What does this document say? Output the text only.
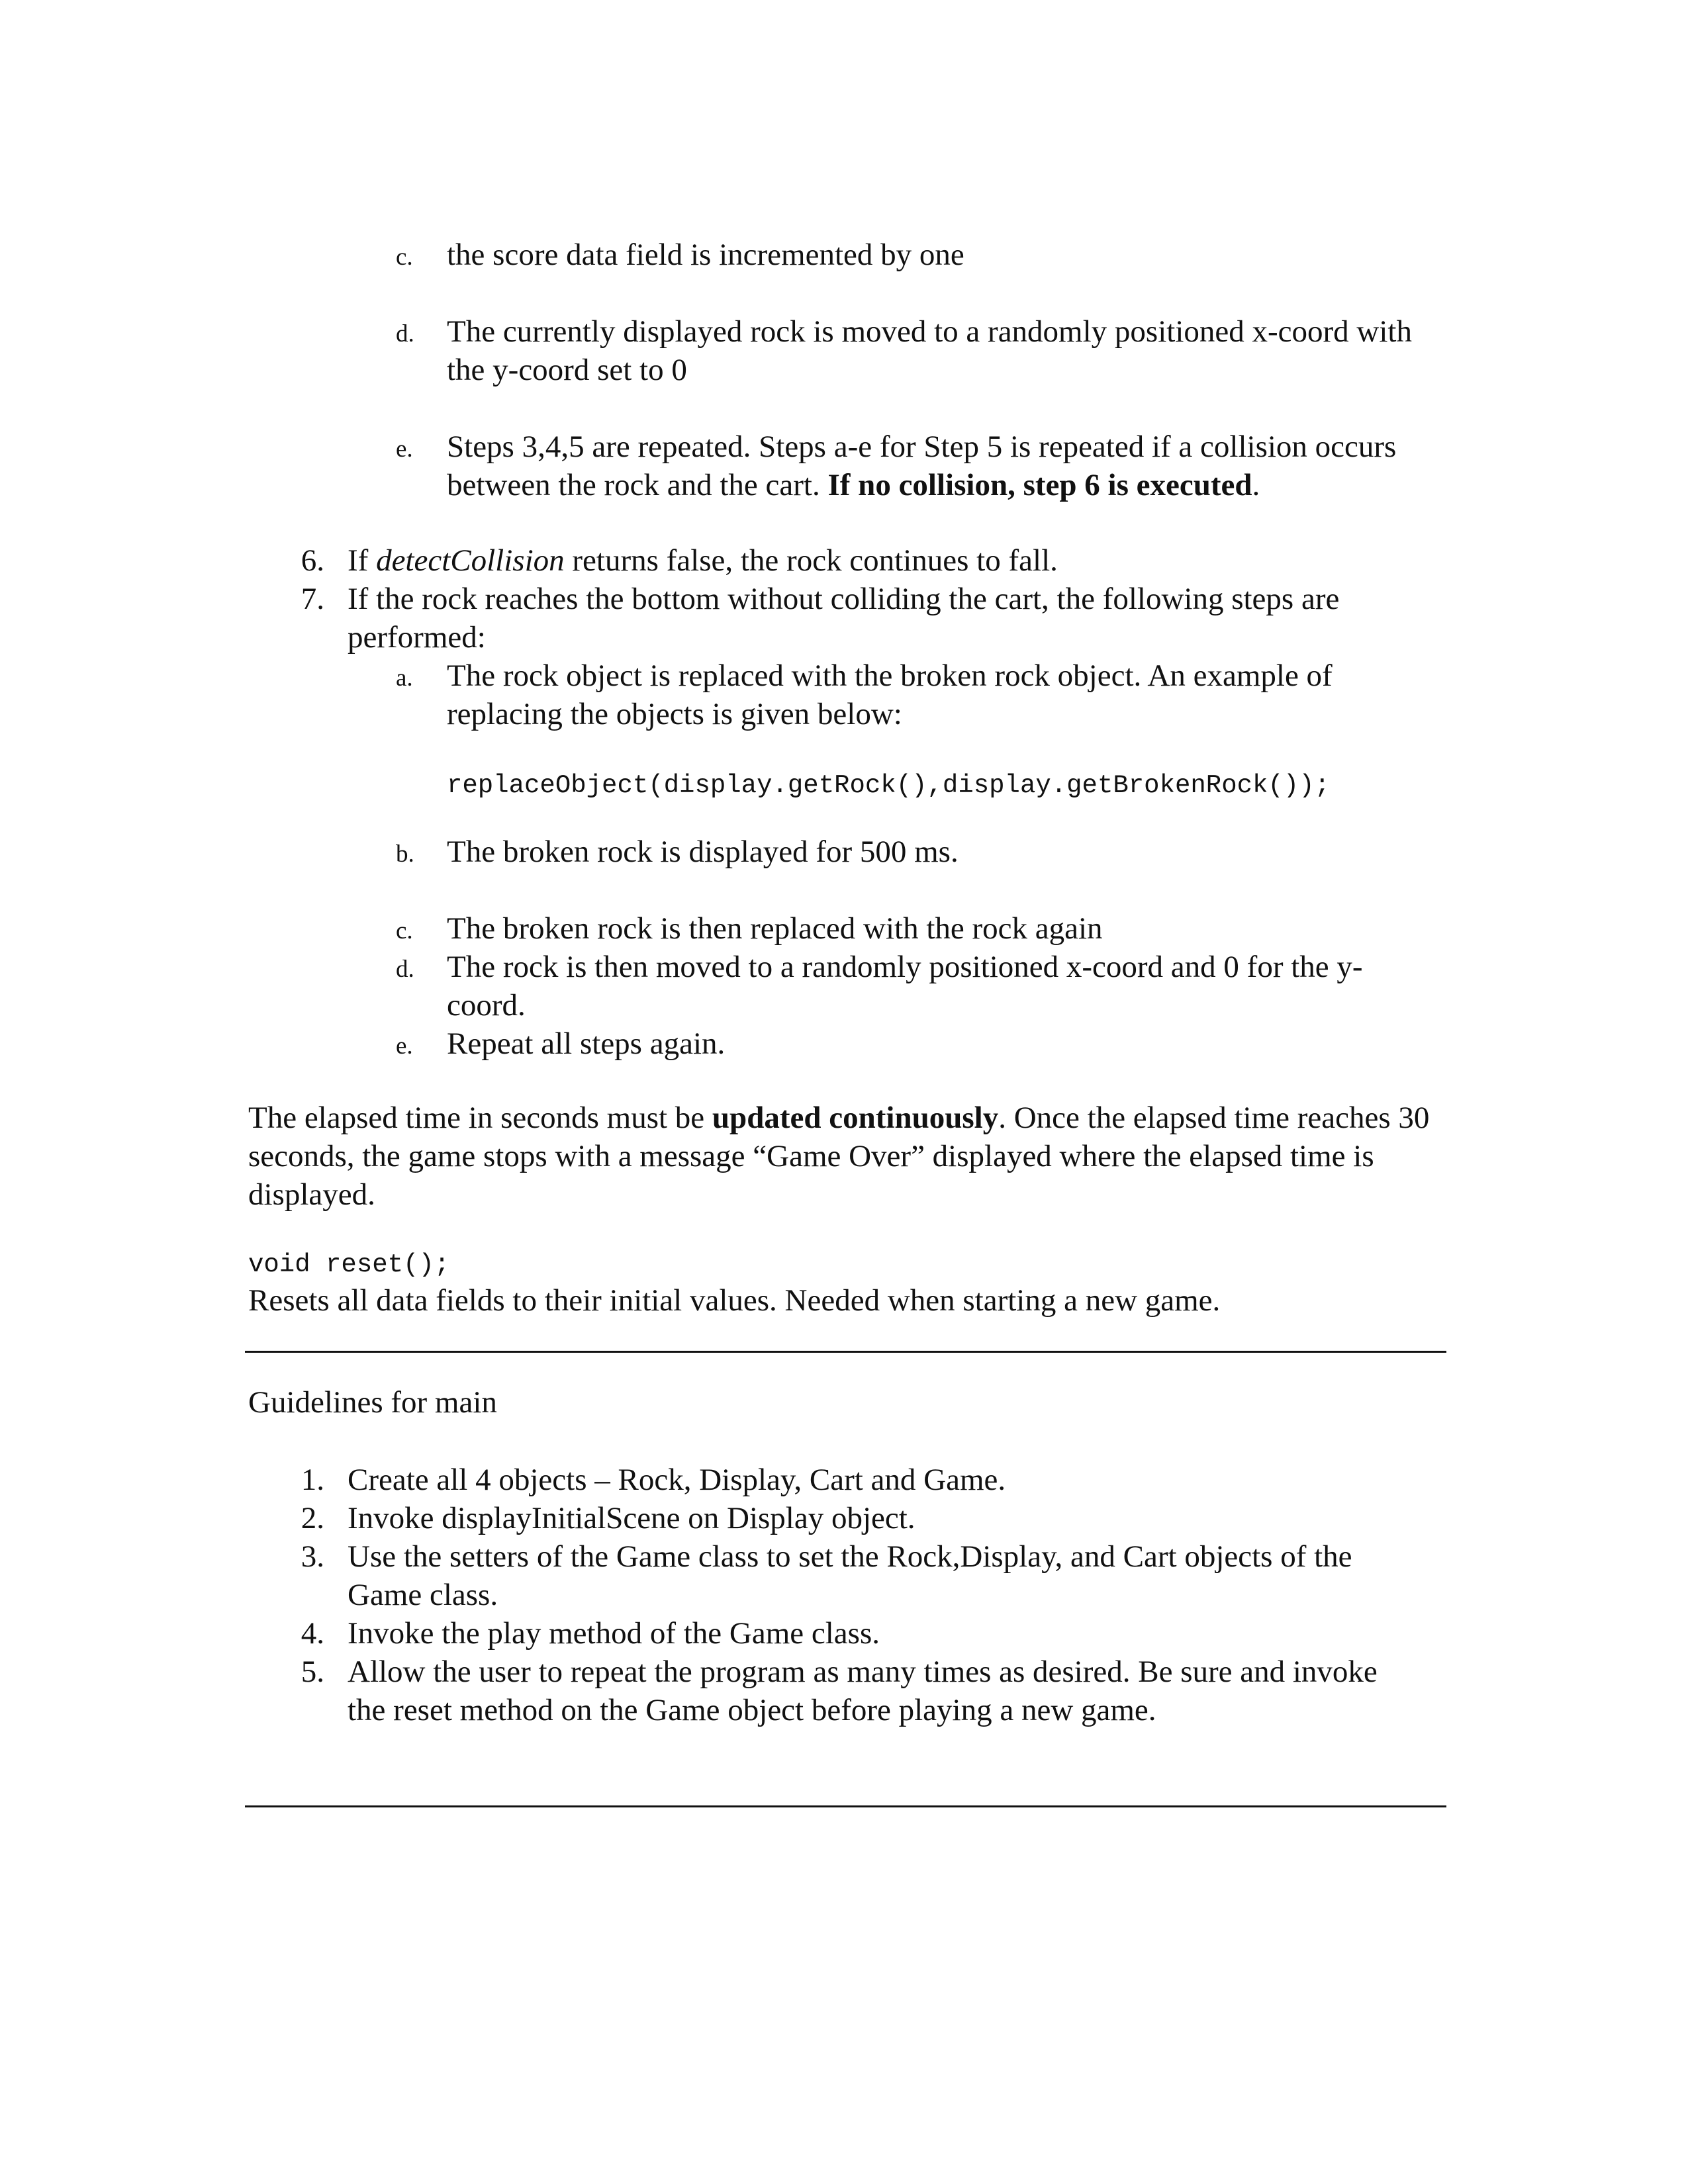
c. the score data field is incremented by one
d. The currently displayed rock is moved to a randomly positioned x-coord with the y-coord set to 0
e. Steps 3,4,5 are repeated. Steps a-e for Step 5 is repeated if a collision occurs between the rock and the cart. If no collision, step 6 is executed.
6. If detectCollision returns false, the rock continues to fall.
7. If the rock reaches the bottom without colliding the cart, the following steps are performed:
a. The rock object is replaced with the broken rock object. An example of replacing the objects is given below:
replaceObject(display.getRock(),display.getBrokenRock());
b. The broken rock is displayed for 500 ms.
c. The broken rock is then replaced with the rock again
d. The rock is then moved to a randomly positioned x-coord and 0 for the y-coord.
e. Repeat all steps again.
The elapsed time in seconds must be updated continuously. Once the elapsed time reaches 30 seconds, the game stops with a message “Game Over” displayed where the elapsed time is displayed.
void reset();
Resets all data fields to their initial values. Needed when starting a new game.
Guidelines for main
1. Create all 4 objects – Rock, Display, Cart and Game.
2. Invoke displayInitialScene on Display object.
3. Use the setters of the Game class to set the Rock,Display, and Cart objects of the Game class.
4. Invoke the play method of the Game class.
5. Allow the user to repeat the program as many times as desired. Be sure and invoke the reset method on the Game object before playing a new game.
